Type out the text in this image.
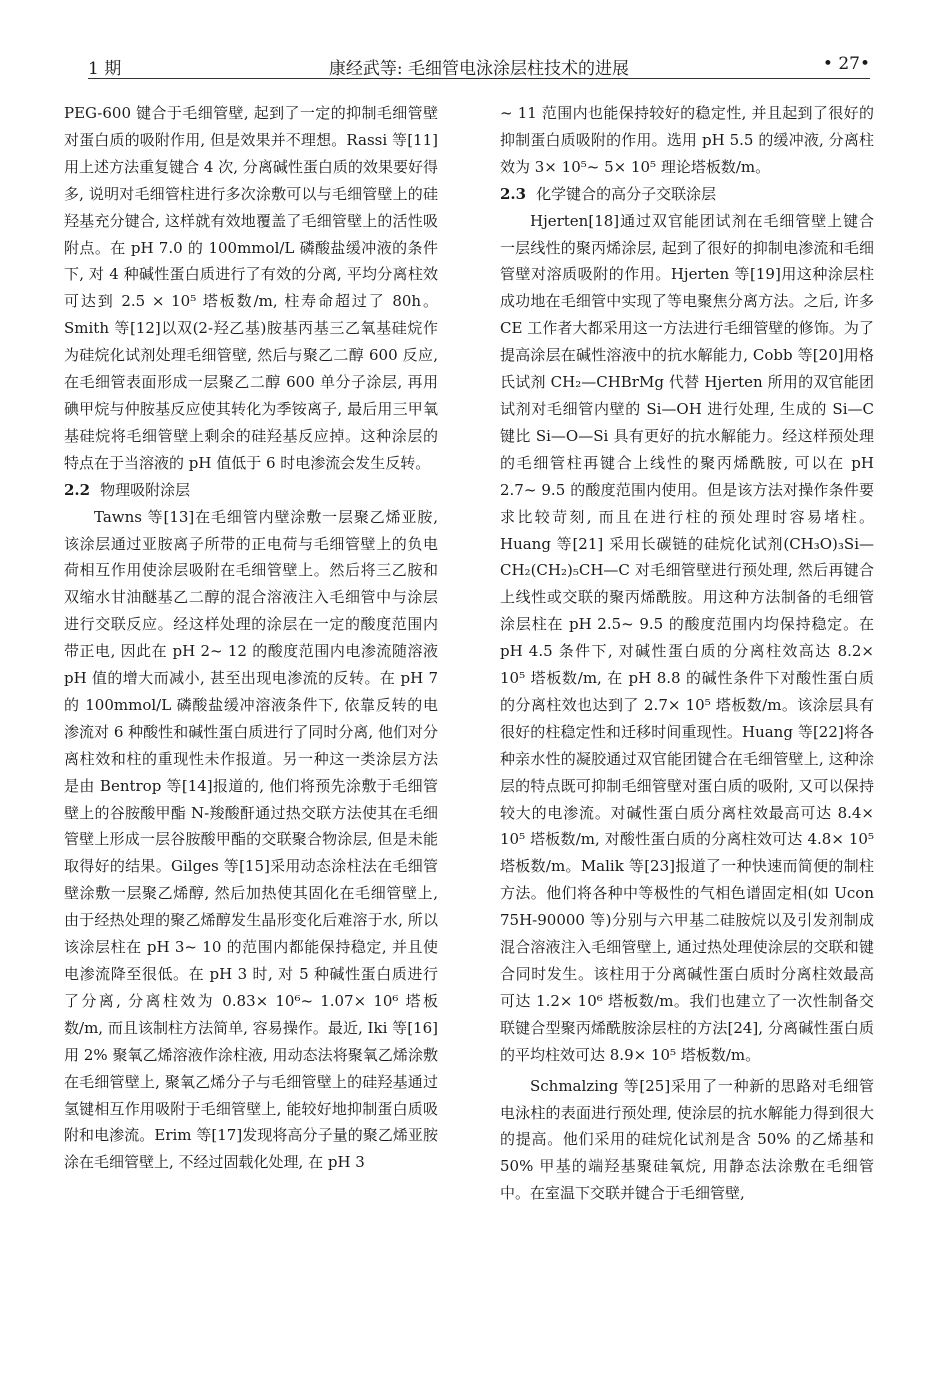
1 期	康经武等: 毛细管电泳涂层柱技术的进展	• 27•

PEG-600 键合于毛细管壁, 起到了一定的抑制毛细管壁对蛋白质的吸附作用, 但是效果并不理想。Rassi 等[11]用上述方法重复键合 4 次, 分离碱性蛋白质的效果要好得多, 说明对毛细管柱进行多次涂敷可以与毛细管壁上的硅羟基充分键合, 这样就有效地覆盖了毛细管壁上的活性吸附点。在 pH 7.0 的 100mmol/L 磷酸盐缓冲液的条件下, 对 4 种碱性蛋白质进行了有效的分离, 平均分离柱效可达到 2.5 × 10⁵ 塔板数/m, 柱寿命超过了 80h。Smith 等[12]以双(2-羟乙基)胺基丙基三乙氧基硅烷作为硅烷化试剂处理毛细管壁, 然后与聚乙二醇 600 反应, 在毛细管表面形成一层聚乙二醇 600 单分子涂层, 再用碘甲烷与仲胺基反应使其转化为季铵离子, 最后用三甲氧基硅烷将毛细管壁上剩余的硅羟基反应掉。这种涂层的特点在于当溶液的 pH 值低于 6 时电渗流会发生反转。

2.2 物理吸附涂层

Tawns 等[13]在毛细管内壁涂敷一层聚乙烯亚胺, 该涂层通过亚胺离子所带的正电荷与毛细管壁上的负电荷相互作用使涂层吸附在毛细管壁上。然后将三乙胺和双缩水甘油醚基乙二醇的混合溶液注入毛细管中与涂层进行交联反应。经这样处理的涂层在一定的酸度范围内带正电, 因此在 pH 2~ 12 的酸度范围内电渗流随溶液 pH 值的增大而减小, 甚至出现电渗流的反转。在 pH 7 的 100mmol/L 磷酸盐缓冲溶液条件下, 依靠反转的电渗流对 6 种酸性和碱性蛋白质进行了同时分离, 他们对分离柱效和柱的重现性未作报道。另一种这一类涂层方法是由 Bentrop 等[14]报道的, 他们将预先涂敷于毛细管壁上的谷胺酸甲酯 N-羧酸酐通过热交联方法使其在毛细管壁上形成一层谷胺酸甲酯的交联聚合物涂层, 但是未能取得好的结果。Gilges 等[15]采用动态涂柱法在毛细管壁涂敷一层聚乙烯醇, 然后加热使其固化在毛细管壁上, 由于经热处理的聚乙烯醇发生晶形变化后难溶于水, 所以该涂层柱在 pH 3~ 10 的范围内都能保持稳定, 并且使电渗流降至很低。在 pH 3 时, 对 5 种碱性蛋白质进行了分离, 分离柱效为 0.83× 10⁶~ 1.07× 10⁶ 塔板数/m, 而且该制柱方法简单, 容易操作。最近, Iki 等[16]用 2% 聚氧乙烯溶液作涂柱液, 用动态法将聚氧乙烯涂敷在毛细管壁上, 聚氧乙烯分子与毛细管壁上的硅羟基通过氢键相互作用吸附于毛细管壁上, 能较好地抑制蛋白质吸附和电渗流。Erim 等[17]发现将高分子量的聚乙烯亚胺涂在毛细管壁上, 不经过固载化处理, 在 pH 3

~ 11 范围内也能保持较好的稳定性, 并且起到了很好的抑制蛋白质吸附的作用。选用 pH 5.5 的缓冲液, 分离柱效为 3× 10⁵~ 5× 10⁵ 理论塔板数/m。

2.3 化学键合的高分子交联涂层

Hjerten[18]通过双官能团试剂在毛细管壁上键合一层线性的聚丙烯涂层, 起到了很好的抑制电渗流和毛细管壁对溶质吸附的作用。Hjerten 等[19]用这种涂层柱成功地在毛细管中实现了等电聚焦分离方法。之后, 许多 CE 工作者大都采用这一方法进行毛细管壁的修饰。为了提高涂层在碱性溶液中的抗水解能力, Cobb 等[20]用格氏试剂 CH₂—CHBrMg 代替 Hjerten 所用的双官能团试剂对毛细管内壁的 Si—OH 进行处理, 生成的 Si—C 键比 Si—O—Si 具有更好的抗水解能力。经这样预处理的毛细管柱再键合上线性的聚丙烯酰胺, 可以在 pH 2.7~ 9.5 的酸度范围内使用。但是该方法对操作条件要求比较苛刻, 而且在进行柱的预处理时容易堵柱。Huang 等[21] 采用长碳链的硅烷化试剂(CH₃O)₃Si—CH₂(CH₂)₅CH—C 对毛细管壁进行预处理, 然后再键合上线性或交联的聚丙烯酰胺。用这种方法制备的毛细管涂层柱在 pH 2.5~ 9.5 的酸度范围内均保持稳定。在 pH 4.5 条件下, 对碱性蛋白质的分离柱效高达 8.2× 10⁵ 塔板数/m, 在 pH 8.8 的碱性条件下对酸性蛋白质的分离柱效也达到了 2.7× 10⁵ 塔板数/m。该涂层具有很好的柱稳定性和迁移时间重现性。Huang 等[22]将各种亲水性的凝胶通过双官能团键合在毛细管壁上, 这种涂层的特点既可抑制毛细管壁对蛋白质的吸附, 又可以保持较大的电渗流。对碱性蛋白质分离柱效最高可达 8.4× 10⁵ 塔板数/m, 对酸性蛋白质的分离柱效可达 4.8× 10⁵ 塔板数/m。Malik 等[23]报道了一种快速而简便的制柱方法。他们将各种中等极性的气相色谱固定相(如 Ucon 75H-90000 等)分别与六甲基二硅胺烷以及引发剂制成混合溶液注入毛细管壁上, 通过热处理使涂层的交联和键合同时发生。该柱用于分离碱性蛋白质时分离柱效最高可达 1.2× 10⁶ 塔板数/m。我们也建立了一次性制备交联键合型聚丙烯酰胺涂层柱的方法[24], 分离碱性蛋白质的平均柱效可达 8.9× 10⁵ 塔板数/m。

Schmalzing 等[25]采用了一种新的思路对毛细管电泳柱的表面进行预处理, 使涂层的抗水解能力得到很大的提高。他们采用的硅烷化试剂是含 50% 的乙烯基和 50% 甲基的端羟基聚硅氧烷, 用静态法涂敷在毛细管中。在室温下交联并键合于毛细管壁,
